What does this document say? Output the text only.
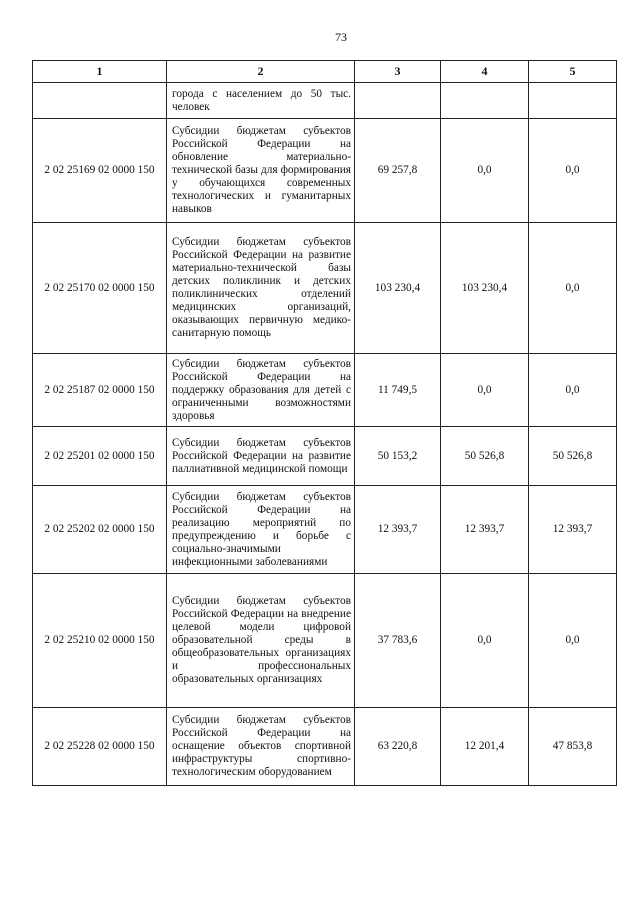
73
1	2	3	4	5
	города с населением до 50 тыс. человек			
2 02 25169 02 0000 150	Субсидии бюджетам субъектов Российской Федерации на обновление материально-технической базы для формирования у обучающихся современных технологических и гуманитарных навыков	69 257,8	0,0	0,0
2 02 25170 02 0000 150	Субсидии бюджетам субъектов Российской Федерации на развитие материально-технической базы детских поликлиник и детских поликлинических отделений медицинских организаций, оказывающих первичную медико-санитарную помощь	103 230,4	103 230,4	0,0
2 02 25187 02 0000 150	Субсидии бюджетам субъектов Российской Федерации на поддержку образования для детей с ограниченными возможностями здоровья	11 749,5	0,0	0,0
2 02 25201 02 0000 150	Субсидии бюджетам субъектов Российской Федерации на развитие паллиативной медицинской помощи	50 153,2	50 526,8	50 526,8
2 02 25202 02 0000 150	Субсидии бюджетам субъектов Российской Федерации на реализацию мероприятий по предупреждению и борьбе с социально-значимыми инфекционными заболеваниями	12 393,7	12 393,7	12 393,7
2 02 25210 02 0000 150	Субсидии бюджетам субъектов Российской Федерации на внедрение целевой модели цифровой образовательной среды в общеобразовательных организациях и профессиональных образовательных организациях	37 783,6	0,0	0,0
2 02 25228 02 0000 150	Субсидии бюджетам субъектов Российской Федерации на оснащение объектов спортивной инфраструктуры спортивно-технологическим оборудованием	63 220,8	12 201,4	47 853,8
